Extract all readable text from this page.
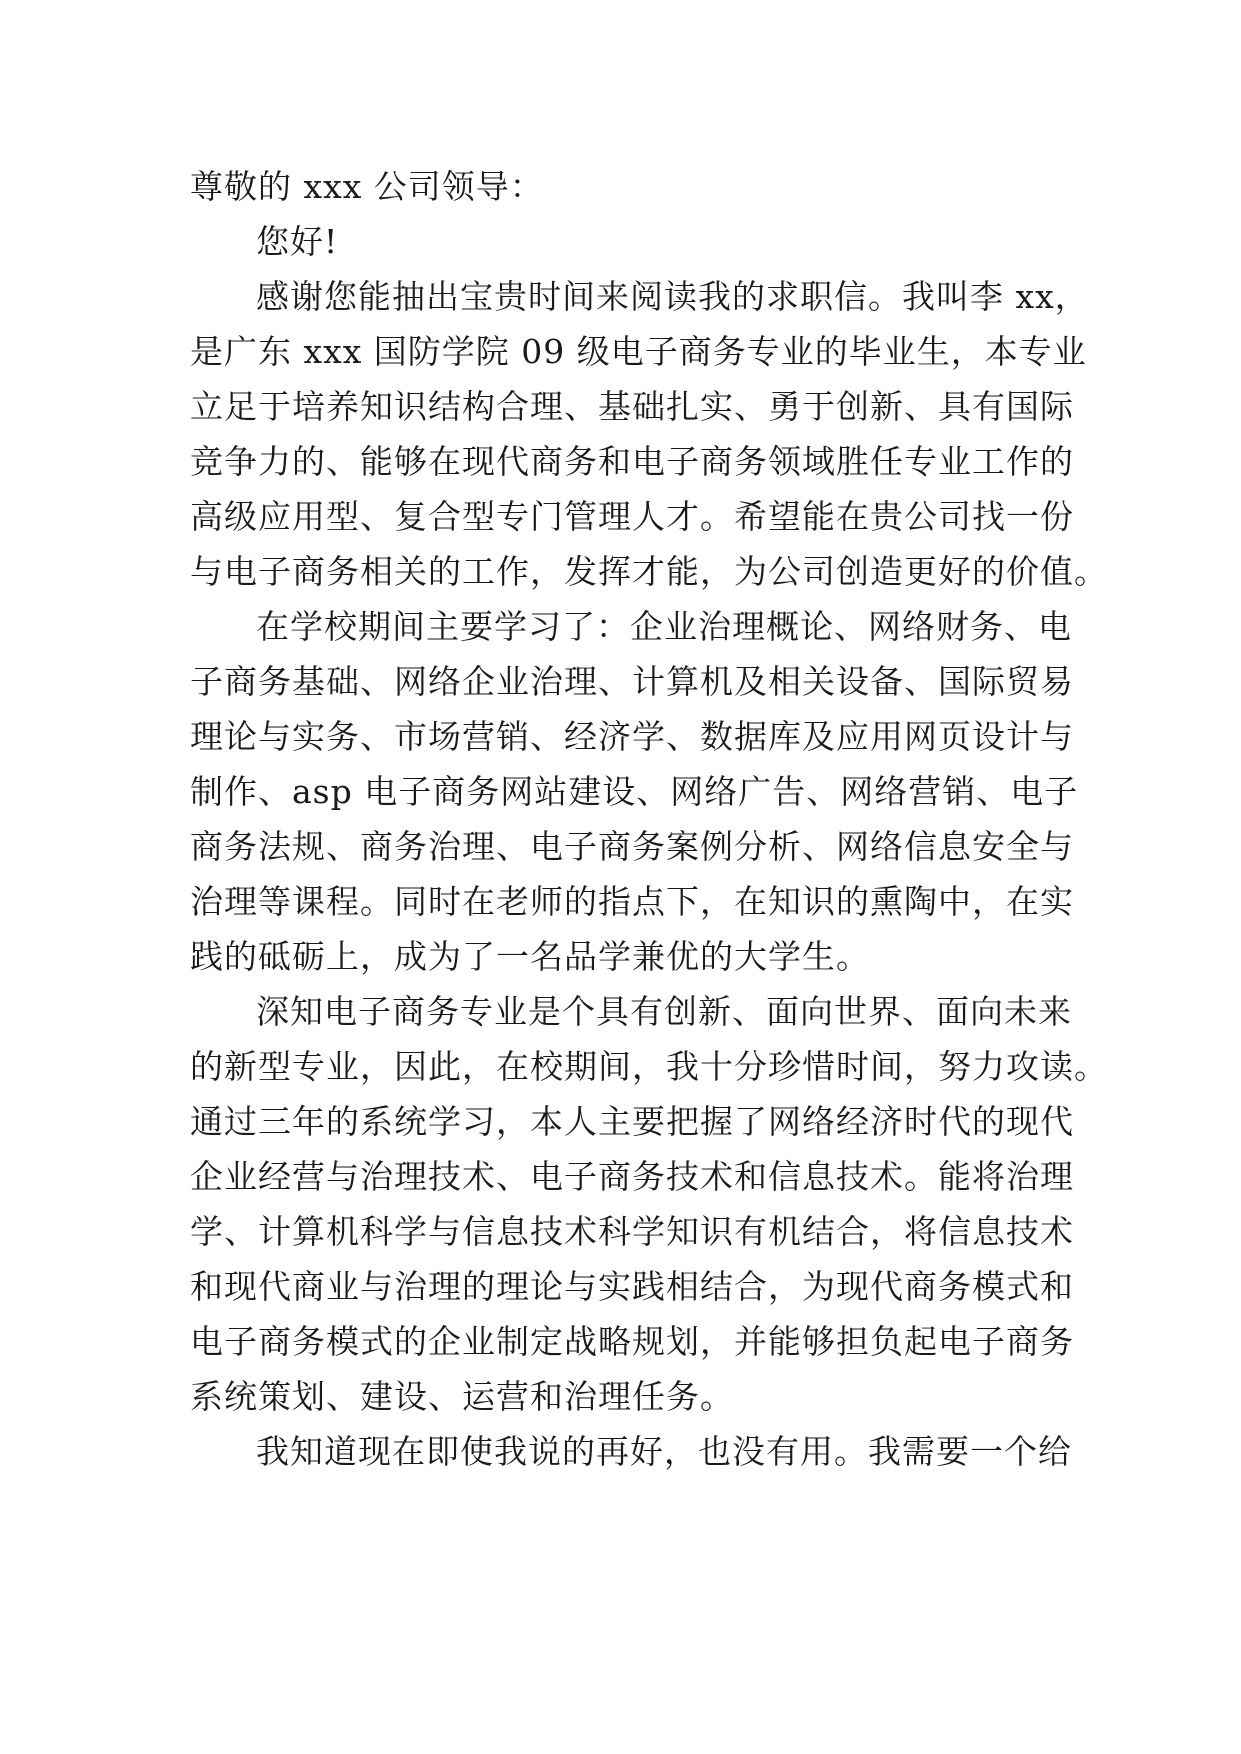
尊敬的 xxx 公司领导：
您好!
感谢您能抽出宝贵时间来阅读我的求职信。我叫李 xx，
是广东 xxx 国防学院 09 级电子商务专业的毕业生，本专业
立足于培养知识结构合理、基础扎实、勇于创新、具有国际
竞争力的、能够在现代商务和电子商务领域胜任专业工作的
高级应用型、复合型专门管理人才。希望能在贵公司找一份
与电子商务相关的工作，发挥才能，为公司创造更好的价值。
在学校期间主要学习了：企业治理概论、网络财务、电
子商务基础、网络企业治理、计算机及相关设备、国际贸易
理论与实务、市场营销、经济学、数据库及应用网页设计与
制作、asp 电子商务网站建设、网络广告、网络营销、电子
商务法规、商务治理、电子商务案例分析、网络信息安全与
治理等课程。同时在老师的指点下，在知识的熏陶中，在实
践的砥砺上，成为了一名品学兼优的大学生。
深知电子商务专业是个具有创新、面向世界、面向未来
的新型专业，因此，在校期间，我十分珍惜时间，努力攻读。
通过三年的系统学习，本人主要把握了网络经济时代的现代
企业经营与治理技术、电子商务技术和信息技术。能将治理
学、计算机科学与信息技术科学知识有机结合，将信息技术
和现代商业与治理的理论与实践相结合，为现代商务模式和
电子商务模式的企业制定战略规划，并能够担负起电子商务
系统策划、建设、运营和治理任务。
我知道现在即使我说的再好，也没有用。我需要一个给
